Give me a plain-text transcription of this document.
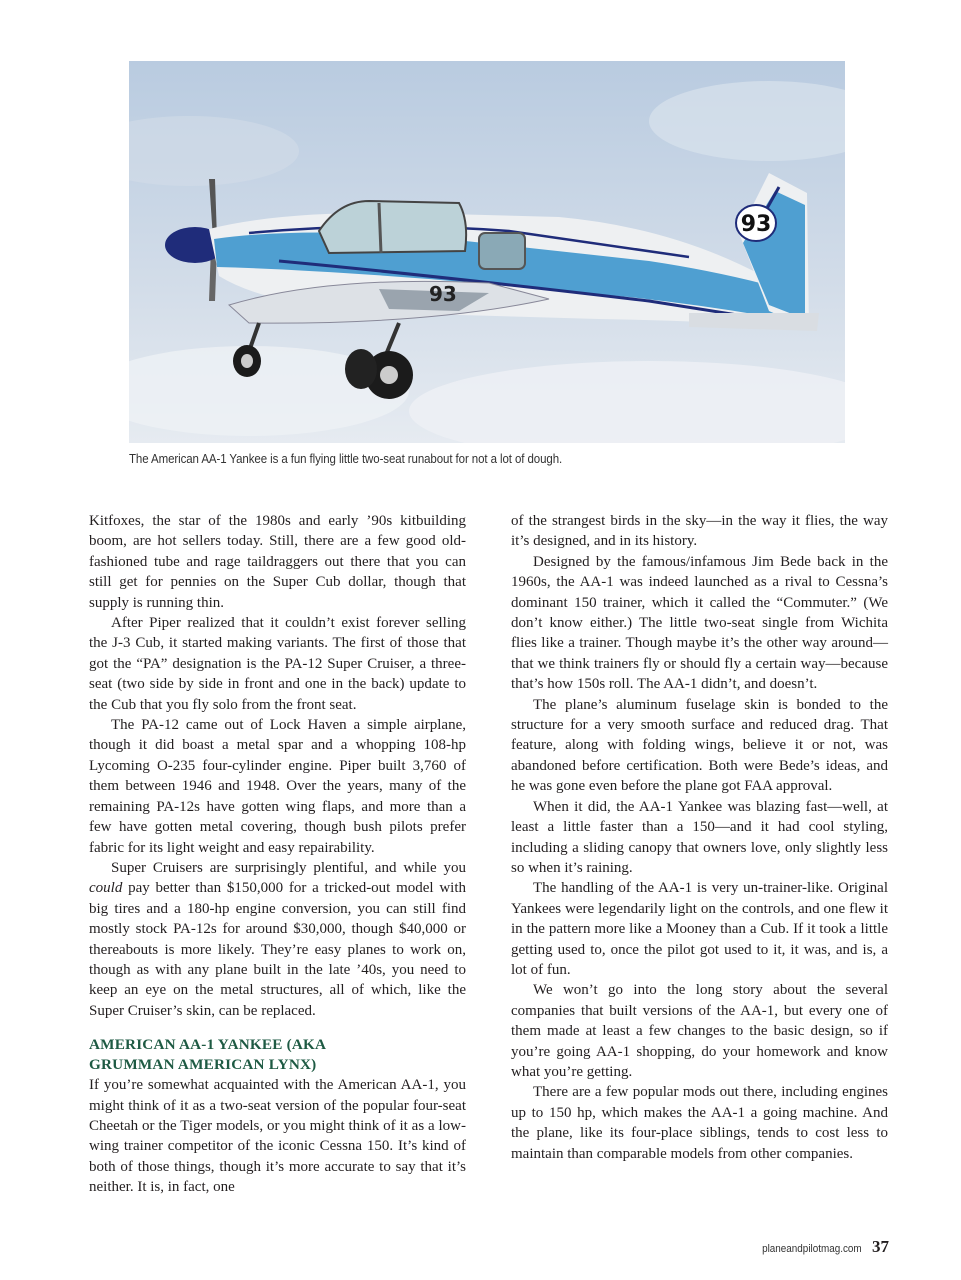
93
93
The American AA-1 Yankee is a fun flying little two-seat runabout for not a lot of dough.

Kitfoxes, the star of the 1980s and early ’90s kitbuilding boom, are hot sellers today. Still, there are a few good old-fashioned tube and rage taildraggers out there that you can still get for pennies on the Super Cub dollar, though that supply is running thin.

After Piper realized that it couldn’t exist forever selling the J-3 Cub, it started making variants. The first of those that got the “PA” designation is the PA-12 Super Cruiser, a three-seat (two side by side in front and one in the back) update to the Cub that you fly solo from the front seat.

The PA-12 came out of Lock Haven a simple airplane, though it did boast a metal spar and a whopping 108-hp Lycoming O-235 four-cylinder engine. Piper built 3,760 of them between 1946 and 1948. Over the years, many of the remaining PA-12s have gotten wing flaps, and more than a few have gotten metal covering, though bush pilots prefer fabric for its light weight and easy repairability.

Super Cruisers are surprisingly plentiful, and while you could pay better than $150,000 for a tricked-out model with big tires and a 180-hp engine conversion, you can still find mostly stock PA-12s for around $30,000, though $40,000 or thereabouts is more likely. They’re easy planes to work on, though as with any plane built in the late ’40s, you need to keep an eye on the metal structures, all of which, like the Super Cruiser’s skin, can be replaced.

AMERICAN AA-1 YANKEE (AKA
GRUMMAN AMERICAN LYNX)

If you’re somewhat acquainted with the American AA-1, you might think of it as a two-seat version of the popular four-seat Cheetah or the Tiger models, or you might think of it as a low-wing trainer competitor of the iconic Cessna 150. It’s kind of both of those things, though it’s more accurate to say that it’s neither. It is, in fact, one

of the strangest birds in the sky—in the way it flies, the way it’s designed, and in its history.

Designed by the famous/infamous Jim Bede back in the 1960s, the AA-1 was indeed launched as a rival to Cessna’s dominant 150 trainer, which it called the “Commuter.” (We don’t know either.) The little two-seat single from Wichita flies like a trainer. Though maybe it’s the other way around—that we think trainers fly or should fly a certain way—because that’s how 150s roll. The AA-1 didn’t, and doesn’t.

The plane’s aluminum fuselage skin is bonded to the structure for a very smooth surface and reduced drag. That feature, along with folding wings, believe it or not, was abandoned before certification. Both were Bede’s ideas, and he was gone even before the plane got FAA approval.

When it did, the AA-1 Yankee was blazing fast—well, at least a little faster than a 150—and it had cool styling, including a sliding canopy that owners love, only slightly less so when it’s raining.

The handling of the AA-1 is very un-trainer-like. Original Yankees were legendarily light on the controls, and one flew it in the pattern more like a Mooney than a Cub. If it took a little getting used to, once the pilot got used to it, it was, and is, a lot of fun.

We won’t go into the long story about the several companies that built versions of the AA-1, but every one of them made at least a few changes to the basic design, so if you’re going AA-1 shopping, do your homework and know what you’re getting.

There are a few popular mods out there, including engines up to 150 hp, which makes the AA-1 a going machine. And the plane, like its four-place siblings, tends to cost less to maintain than comparable models from other companies.

planeandpilotmag.com 37
